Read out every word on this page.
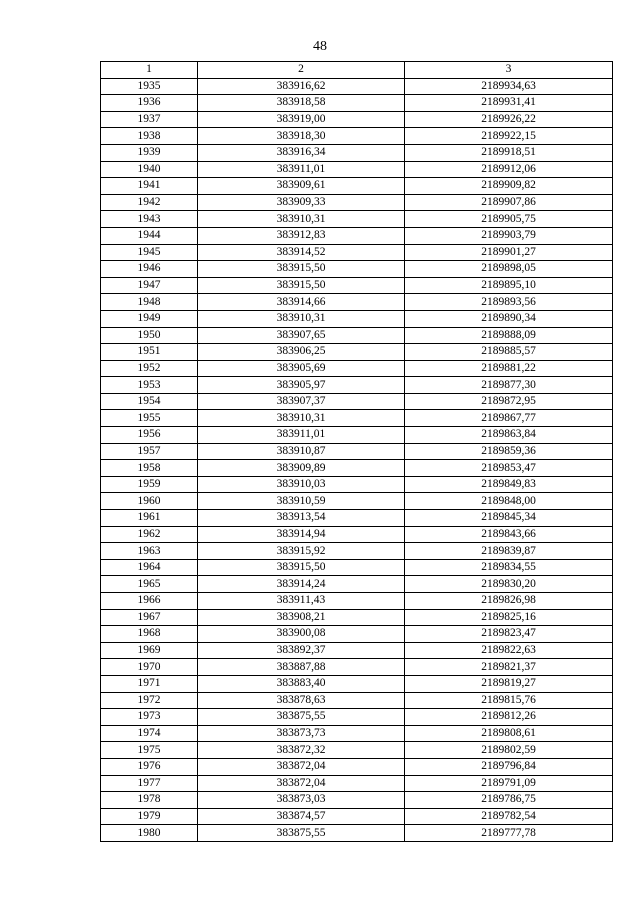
48
1	2	3
1935	383916,62	2189934,63
1936	383918,58	2189931,41
1937	383919,00	2189926,22
1938	383918,30	2189922,15
1939	383916,34	2189918,51
1940	383911,01	2189912,06
1941	383909,61	2189909,82
1942	383909,33	2189907,86
1943	383910,31	2189905,75
1944	383912,83	2189903,79
1945	383914,52	2189901,27
1946	383915,50	2189898,05
1947	383915,50	2189895,10
1948	383914,66	2189893,56
1949	383910,31	2189890,34
1950	383907,65	2189888,09
1951	383906,25	2189885,57
1952	383905,69	2189881,22
1953	383905,97	2189877,30
1954	383907,37	2189872,95
1955	383910,31	2189867,77
1956	383911,01	2189863,84
1957	383910,87	2189859,36
1958	383909,89	2189853,47
1959	383910,03	2189849,83
1960	383910,59	2189848,00
1961	383913,54	2189845,34
1962	383914,94	2189843,66
1963	383915,92	2189839,87
1964	383915,50	2189834,55
1965	383914,24	2189830,20
1966	383911,43	2189826,98
1967	383908,21	2189825,16
1968	383900,08	2189823,47
1969	383892,37	2189822,63
1970	383887,88	2189821,37
1971	383883,40	2189819,27
1972	383878,63	2189815,76
1973	383875,55	2189812,26
1974	383873,73	2189808,61
1975	383872,32	2189802,59
1976	383872,04	2189796,84
1977	383872,04	2189791,09
1978	383873,03	2189786,75
1979	383874,57	2189782,54
1980	383875,55	2189777,78
